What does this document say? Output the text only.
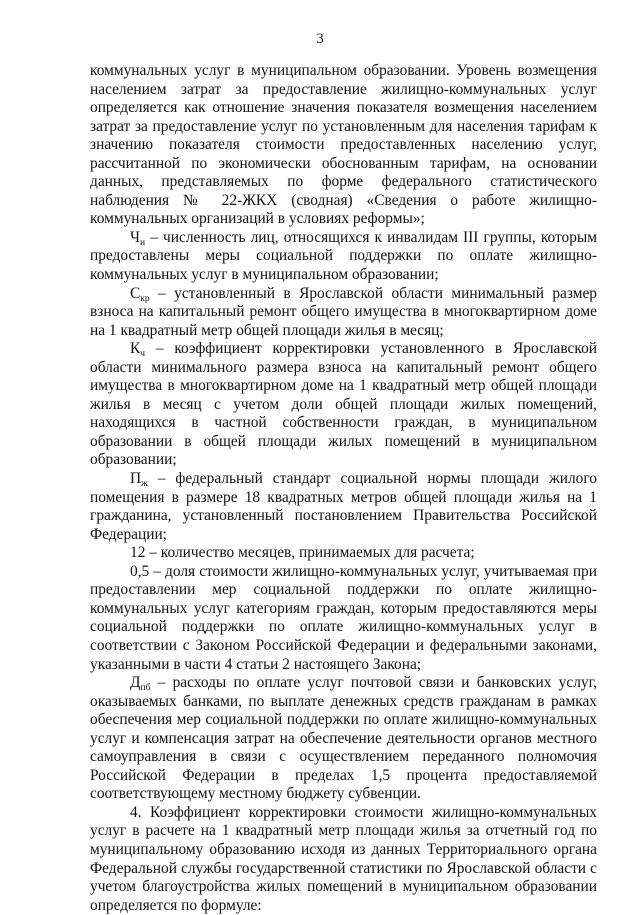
3

коммунальных услуг в муниципальном образовании. Уровень возмещения населением затрат за предоставление жилищно-коммунальных услуг определяется как отношение значения показателя возмещения населением затрат за предоставление услуг по установленным для населения тарифам к значению показателя стоимости предоставленных населению услуг, рассчитанной по экономически обоснованным тарифам, на основании данных, представляемых по форме федерального статистического наблюдения № 22-ЖКХ (сводная) «Сведения о работе жилищно-коммунальных организаций в условиях реформы»;

$Ч_и$ – численность лиц, относящихся к инвалидам III группы, которым предоставлены меры социальной поддержки по оплате жилищно-коммунальных услуг в муниципальном образовании;

$С_{кр}$ – установленный в Ярославской области минимальный размер взноса на капитальный ремонт общего имущества в многоквартирном доме на 1 квадратный метр общей площади жилья в месяц;

$К_ч$ – коэффициент корректировки установленного в Ярославской области минимального размера взноса на капитальный ремонт общего имущества в многоквартирном доме на 1 квадратный метр общей площади жилья в месяц с учетом доли общей площади жилых помещений, находящихся в частной собственности граждан, в муниципальном образовании в общей площади жилых помещений в муниципальном образовании;

$П_ж$ – федеральный стандарт социальной нормы площади жилого помещения в размере 18 квадратных метров общей площади жилья на 1 гражданина, установленный постановлением Правительства Российской Федерации;

12 – количество месяцев, принимаемых для расчета;

0,5 – доля стоимости жилищно-коммунальных услуг, учитываемая при предоставлении мер социальной поддержки по оплате жилищно-коммунальных услуг категориям граждан, которым предоставляются меры социальной поддержки по оплате жилищно-коммунальных услуг в соответствии с Законом Российской Федерации и федеральными законами, указанными в части 4 статьи 2 настоящего Закона;

$Д_{пб}$ – расходы по оплате услуг почтовой связи и банковских услуг, оказываемых банками, по выплате денежных средств гражданам в рамках обеспечения мер социальной поддержки по оплате жилищно-коммунальных услуг и компенсация затрат на обеспечение деятельности органов местного самоуправления в связи с осуществлением переданного полномочия Российской Федерации в пределах 1,5 процента предоставляемой соответствующему местному бюджету субвенции.

4. Коэффициент корректировки стоимости жилищно-коммунальных услуг в расчете на 1 квадратный метр площади жилья за отчетный год по муниципальному образованию исходя из данных Территориального органа Федеральной службы государственной статистики по Ярославской области с учетом благоустройства жилых помещений в муниципальном образовании определяется по формуле:
